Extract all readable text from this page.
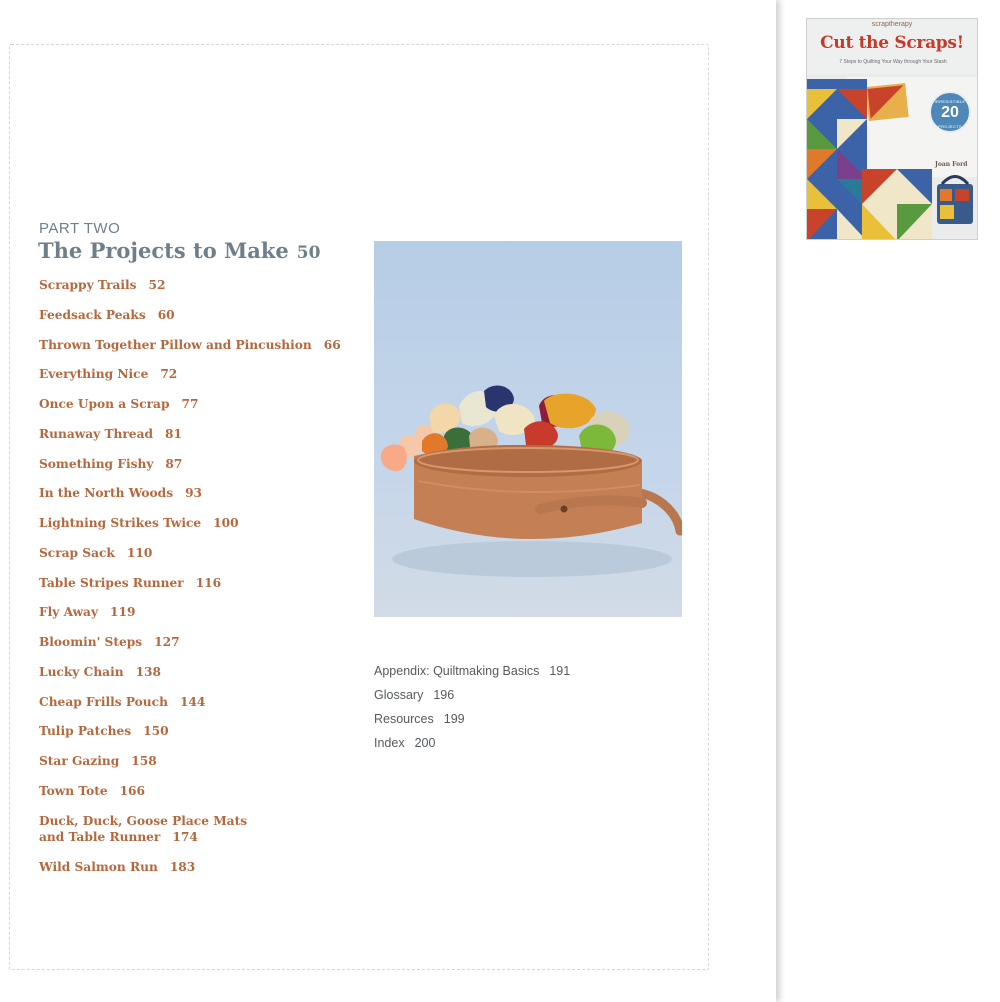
PART TWO
The Projects to Make 50
Scrappy Trails 52
Feedsack Peaks 60
Thrown Together Pillow and Pincushion 66
Everything Nice 72
Once Upon a Scrap 77
Runaway Thread 81
Something Fishy 87
In the North Woods 93
Lightning Strikes Twice 100
Scrap Sack 110
Table Stripes Runner 116
Fly Away 119
Bloomin' Steps 127
Lucky Chain 138
Cheap Frills Pouch 144
Tulip Patches 150
Star Gazing 158
Town Tote 166
Duck, Duck, Goose Place Mats
and Table Runner 174
Wild Salmon Run 183
Appendix: Quiltmaking Basics 191
Glossary 196
Resources 199
Index 200
scraptherapy
Cut the Scraps!
7 Steps to Quilting Your Way through Your Stash
IRRESISTIBLE
20
PROJECTS
Joan Ford
